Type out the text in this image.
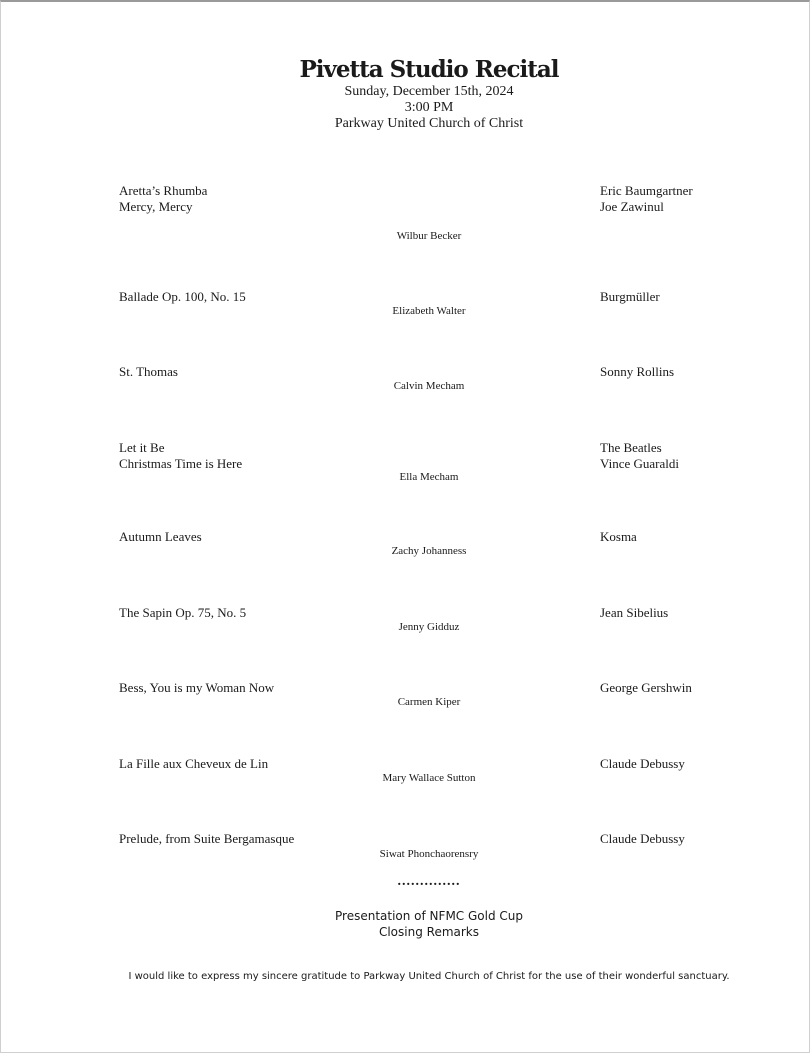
Pivetta Studio Recital
Sunday, December 15th, 2024
3:00 PM
Parkway United Church of Christ
Aretta’s Rhumba
Mercy, Mercy
Wilbur Becker
Eric Baumgartner
Joe Zawinul
Ballade Op. 100, No. 15
Elizabeth Walter
Burgmüller
St. Thomas
Calvin Mecham
Sonny Rollins
Let it Be
Christmas Time is Here
Ella Mecham
The Beatles
Vince Guaraldi
Autumn Leaves
Zachy Johanness
Kosma
The Sapin Op. 75, No. 5
Jenny Gidduz
Jean Sibelius
Bess, You is my Woman Now
Carmen Kiper
George Gershwin
La Fille aux Cheveux de Lin
Mary Wallace Sutton
Claude Debussy
Prelude, from Suite Bergamasque
Siwat Phonchaorensry
Claude Debussy
..............
Presentation of NFMC Gold Cup
Closing Remarks
I would like to express my sincere gratitude to Parkway United Church of Christ for the use of their wonderful sanctuary.
